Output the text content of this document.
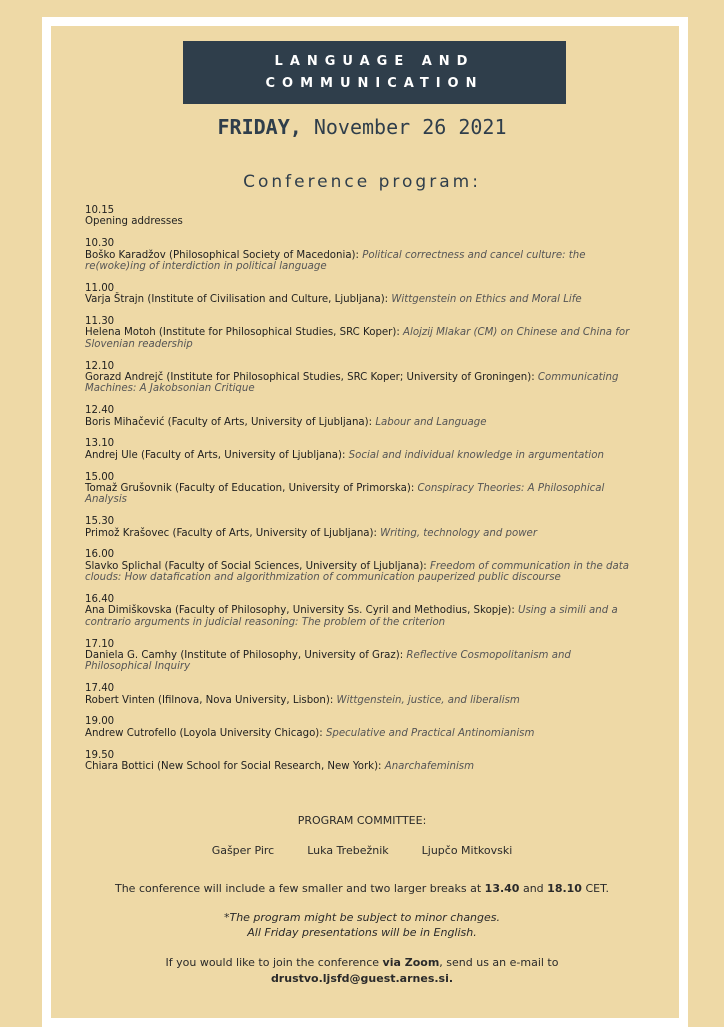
LANGUAGE AND
COMMUNICATION
FRIDAY, November 26 2021
Conference program:
10.15
Opening addresses
10.30
Boško Karadžov (Philosophical Society of Macedonia): Political correctness and cancel culture: the re(woke)ing of interdiction in political language
11.00
Varja Štrajn (Institute of Civilisation and Culture, Ljubljana): Wittgenstein on Ethics and Moral Life
11.30
Helena Motoh (Institute for Philosophical Studies, SRC Koper): Alojzij Mlakar (CM) on Chinese and China for Slovenian readership
12.10
Gorazd Andrejč (Institute for Philosophical Studies, SRC Koper; University of Groningen): Communicating Machines: A Jakobsonian Critique
12.40
Boris Mihačević (Faculty of Arts, University of Ljubljana): Labour and Language
13.10
Andrej Ule (Faculty of Arts, University of Ljubljana): Social and individual knowledge in argumentation
15.00
Tomaž Grušovnik (Faculty of Education, University of Primorska): Conspiracy Theories: A Philosophical Analysis
15.30
Primož Krašovec (Faculty of Arts, University of Ljubljana): Writing, technology and power
16.00
Slavko Splichal (Faculty of Social Sciences, University of Ljubljana): Freedom of communication in the data clouds: How datafication and algorithmization of communication pauperized public discourse
16.40
Ana Dimiškovska (Faculty of Philosophy, University Ss. Cyril and Methodius, Skopje): Using a simili and a contrario arguments in judicial reasoning: The problem of the criterion
17.10
Daniela G. Camhy (Institute of Philosophy, University of Graz): Reflective Cosmopolitanism and Philosophical Inquiry
17.40
Robert Vinten (Ifilnova, Nova University, Lisbon): Wittgenstein, justice, and liberalism
19.00
Andrew Cutrofello (Loyola University Chicago): Speculative and Practical Antinomianism
19.50
Chiara Bottici (New School for Social Research, New York): Anarchafeminism
PROGRAM COMMITTEE:
Gašper Pirc	Luka Trebežnik	Ljupčo Mitkovski
The conference will include a few smaller and two larger breaks at 13.40 and 18.10 CET.
*The program might be subject to minor changes.
All Friday presentations will be in English.
If you would like to join the conference via Zoom, send us an e-mail to
drustvo.ljsfd@guest.arnes.si.
